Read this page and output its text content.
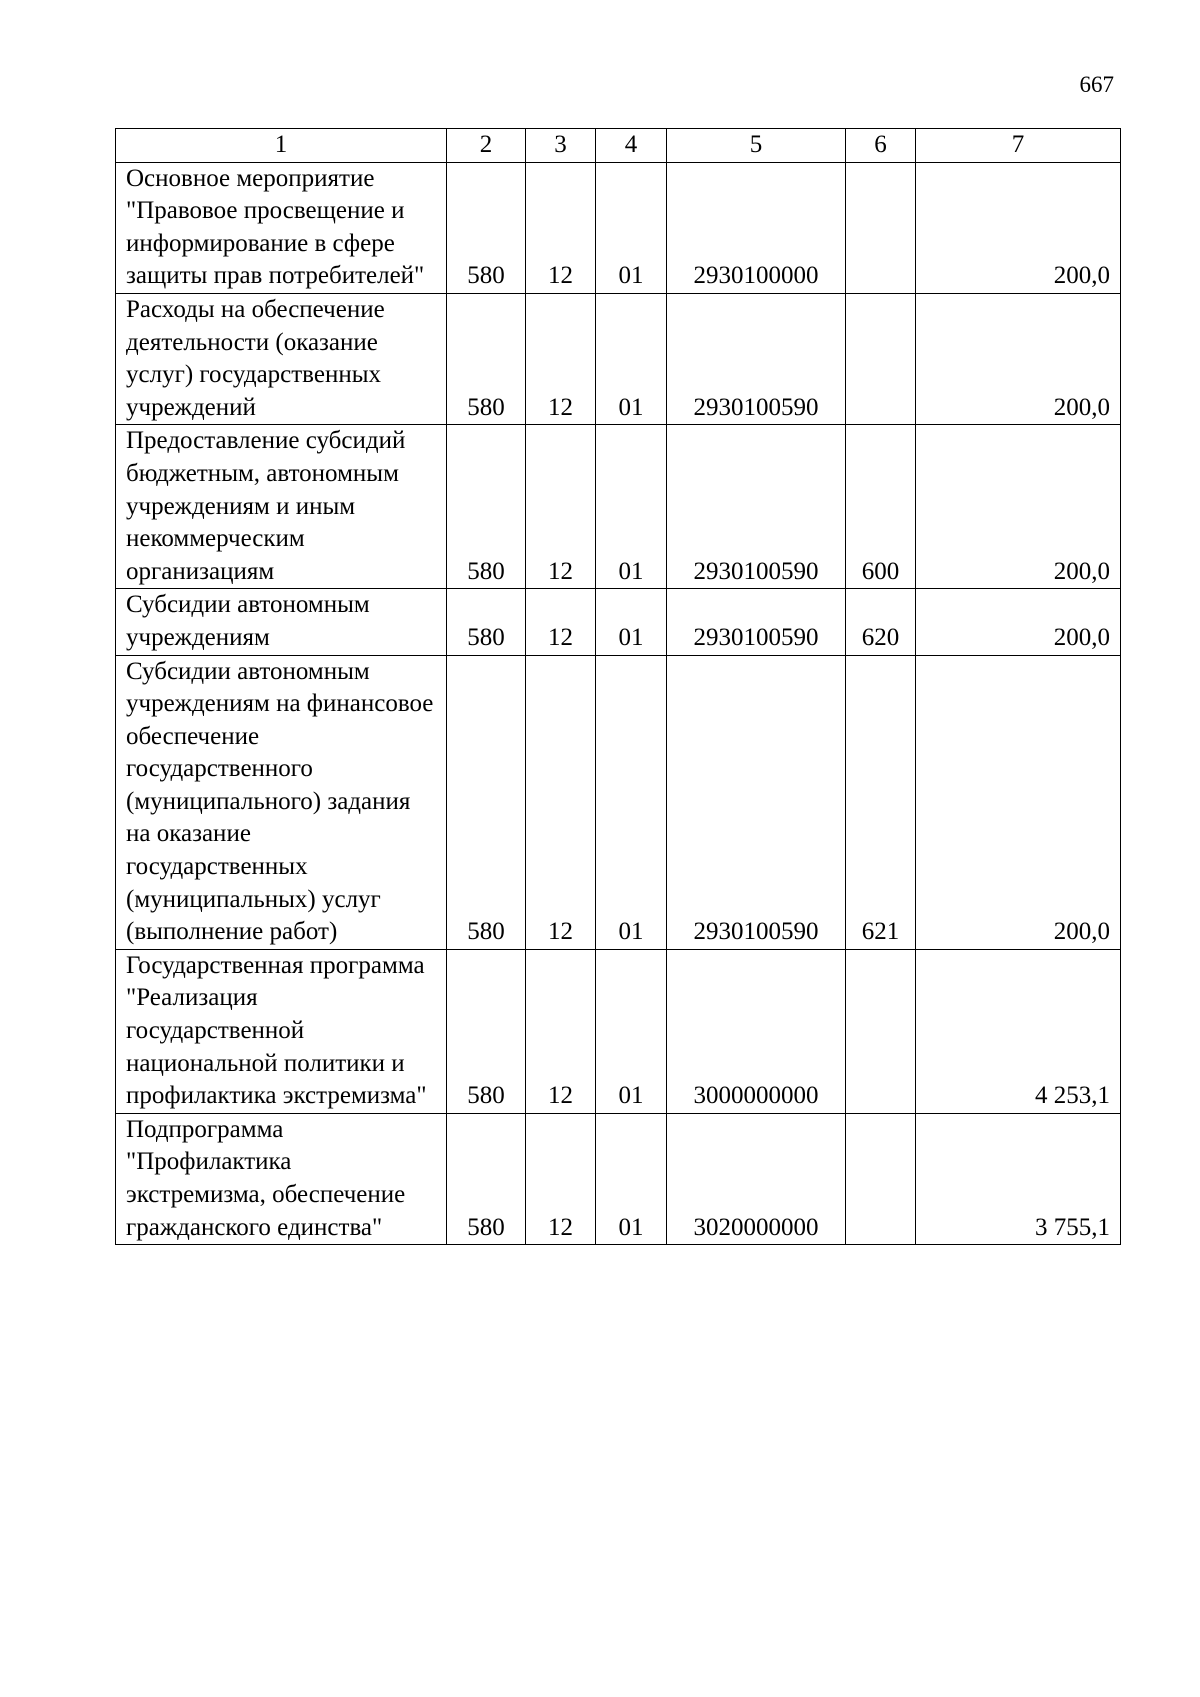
667
1	2	3	4	5	6	7
Основное мероприятие "Правовое просвещение и информирование в сфере защиты прав потребителей"	580	12	01	2930100000		200,0
Расходы на обеспечение деятельности (оказание услуг) государственных учреждений	580	12	01	2930100590		200,0
Предоставление субсидий бюджетным, автономным учреждениям и иным некоммерческим организациям	580	12	01	2930100590	600	200,0
Субсидии автономным учреждениям	580	12	01	2930100590	620	200,0
Субсидии автономным учреждениям на финансовое обеспечение государственного (муниципального) задания на оказание государственных (муниципальных) услуг (выполнение работ)	580	12	01	2930100590	621	200,0
Государственная программа "Реализация государственной национальной политики и профилактика экстремизма"	580	12	01	3000000000		4 253,1
Подпрограмма "Профилактика экстремизма, обеспечение гражданского единства"	580	12	01	3020000000		3 755,1
